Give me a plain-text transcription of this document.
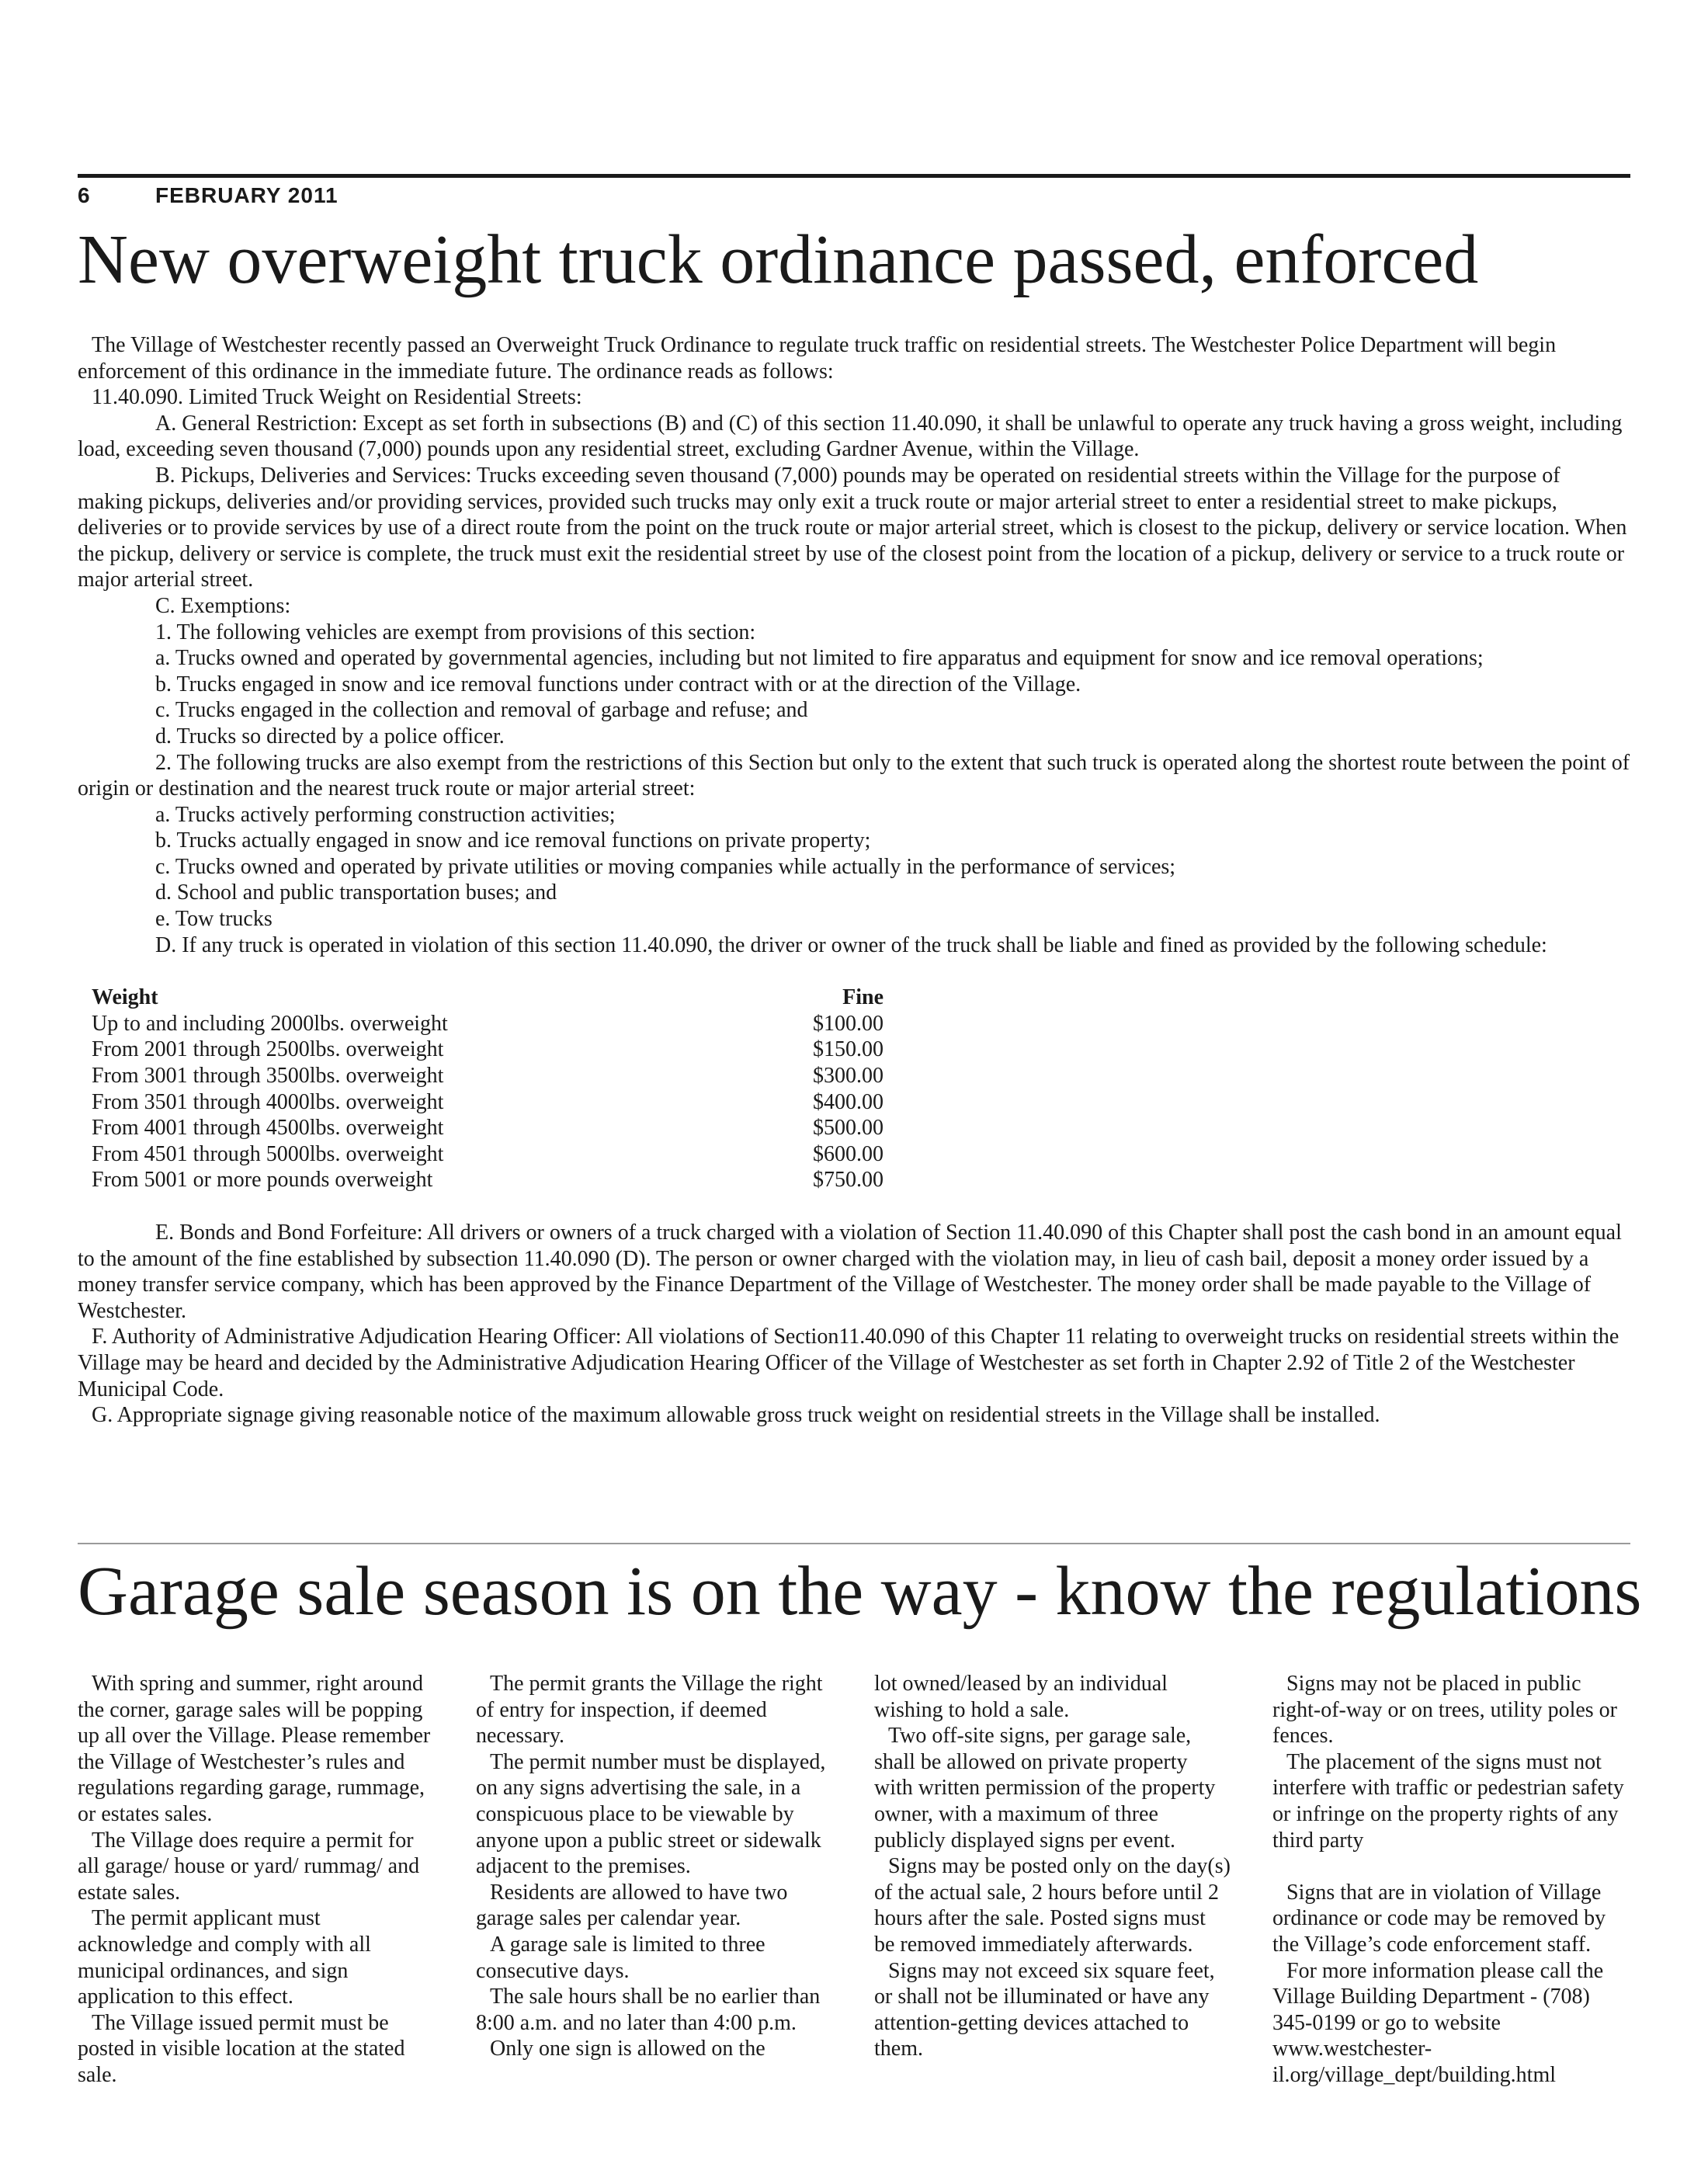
6	FEBRUARY 2011
New overweight truck ordinance passed, enforced

The Village of Westchester recently passed an Overweight Truck Ordinance to regulate truck traffic on residential streets. The Westchester Police Department will begin enforcement of this ordinance in the immediate future. The ordinance reads as follows:

11.40.090. Limited Truck Weight on Residential Streets:

A. General Restriction: Except as set forth in subsections (B) and (C) of this section 11.40.090, it shall be unlawful to operate any truck having a gross weight, including load, exceeding seven thousand (7,000) pounds upon any residential street, excluding Gardner Avenue, within the Village.

B. Pickups, Deliveries and Services: Trucks exceeding seven thousand (7,000) pounds may be operated on residential streets within the Village for the purpose of making pickups, deliveries and/or providing services, provided such trucks may only exit a truck route or major arterial street to enter a residential street to make pickups, deliveries or to provide services by use of a direct route from the point on the truck route or major arterial street, which is closest to the pickup, delivery or service location. When the pickup, delivery or service is complete, the truck must exit the residential street by use of the closest point from the location of a pickup, delivery or service to a truck route or major arterial street.

C. Exemptions:

1. The following vehicles are exempt from provisions of this section:

a. Trucks owned and operated by governmental agencies, including but not limited to fire apparatus and equipment for snow and ice removal operations;

b. Trucks engaged in snow and ice removal functions under contract with or at the direction of the Village.

c. Trucks engaged in the collection and removal of garbage and refuse; and

d. Trucks so directed by a police officer.

2. The following trucks are also exempt from the restrictions of this Section but only to the extent that such truck is operated along the shortest route between the point of origin or destination and the nearest truck route or major arterial street:

a. Trucks actively performing construction activities;

b. Trucks actually engaged in snow and ice removal functions on private property;

c. Trucks owned and operated by private utilities or moving companies while actually in the performance of services;

d. School and public transportation buses; and

e. Tow trucks

D. If any truck is operated in violation of this section 11.40.090, the driver or owner of the truck shall be liable and fined as provided by the following schedule:

Weight	Fine
Up to and including 2000lbs. overweight	$100.00
From 2001 through 2500lbs. overweight	$150.00
From 3001 through 3500lbs. overweight	$300.00
From 3501 through 4000lbs. overweight	$400.00
From 4001 through 4500lbs. overweight	$500.00
From 4501 through 5000lbs. overweight	$600.00
From 5001 or more pounds overweight	$750.00

E. Bonds and Bond Forfeiture: All drivers or owners of a truck charged with a violation of Section 11.40.090 of this Chapter shall post the cash bond in an amount equal to the amount of the fine established by subsection 11.40.090 (D). The person or owner charged with the violation may, in lieu of cash bail, deposit a money order issued by a money transfer service company, which has been approved by the Finance Department of the Village of Westchester. The money order shall be made payable to the Village of Westchester.

F. Authority of Administrative Adjudication Hearing Officer: All violations of Section11.40.090 of this Chapter 11 relating to overweight trucks on residential streets within the Village may be heard and decided by the Administrative Adjudication Hearing Officer of the Village of Westchester as set forth in Chapter 2.92 of Title 2 of the Westchester Municipal Code.

G. Appropriate signage giving reasonable notice of the maximum allowable gross truck weight on residential streets in the Village shall be installed.

Garage sale season is on the way - know the regulations

With spring and summer, right around the corner, garage sales will be popping up all over the Village. Please remember the Village of Westchester’s rules and regulations regarding garage, rummage, or estates sales.

The Village does require a permit for all garage/ house or yard/ rummag/ and estate sales.

The permit applicant must acknowledge and comply with all municipal ordinances, and sign application to this effect.

The Village issued permit must be posted in visible location at the stated sale.

The permit grants the Village the right of entry for inspection, if deemed necessary.

The permit number must be displayed, on any signs advertising the sale, in a conspicuous place to be viewable by anyone upon a public street or sidewalk adjacent to the premises.

Residents are allowed to have two garage sales per calendar year.

A garage sale is limited to three consecutive days.

The sale hours shall be no earlier than 8:00 a.m. and no later than 4:00 p.m.

Only one sign is allowed on the

lot owned/leased by an individual wishing to hold a sale.

Two off-site signs, per garage sale, shall be allowed on private property with written permission of the property owner, with a maximum of three publicly displayed signs per event.

Signs may be posted only on the day(s) of the actual sale, 2 hours before until 2 hours after the sale. Posted signs must be removed immediately afterwards.

Signs may not exceed six square feet, or shall not be illuminated or have any attention-getting devices attached to them.

Signs may not be placed in public right-of-way or on trees, utility poles or fences.

The placement of the signs must not interfere with traffic or pedestrian safety or infringe on the property rights of any third party

Signs that are in violation of Village ordinance or code may be removed by the Village’s code enforcement staff.

For more information please call the Village Building Department - (708) 345-0199 or go to website www.westchester-il.org/village_dept/building.html
